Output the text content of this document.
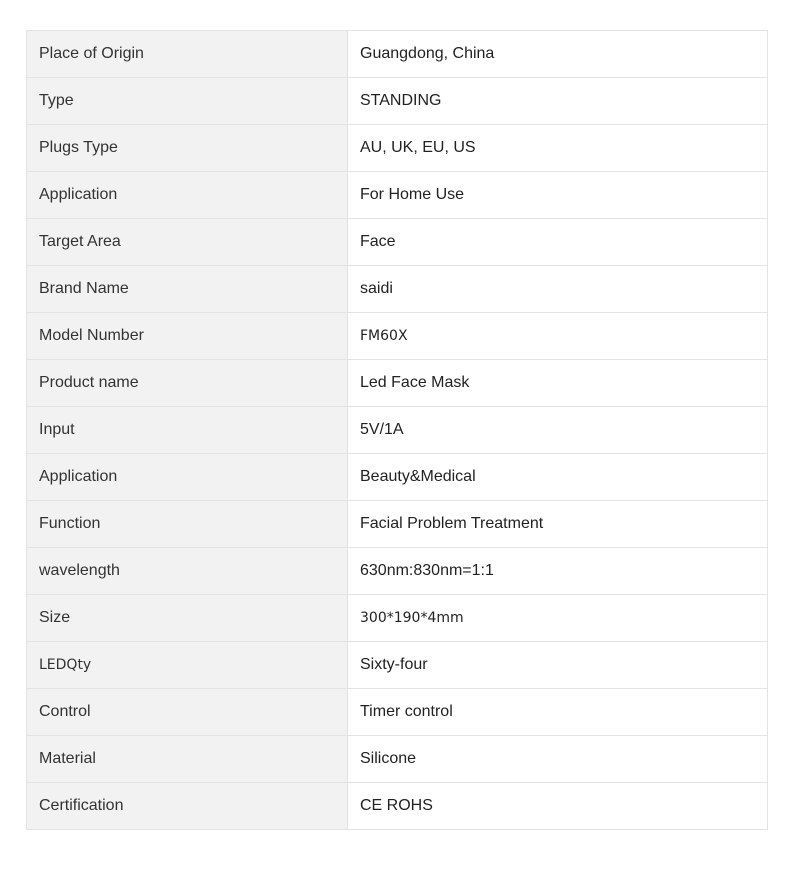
Place of Origin	Guangdong, China
Type	STANDING
Plugs Type	AU, UK, EU, US
Application	For Home Use
Target Area	Face
Brand Name	saidi
Model Number	FM60X
Product name	Led Face Mask
Input	5V/1A
Application	Beauty&Medical
Function	Facial Problem Treatment
wavelength	630nm:830nm=1:1
Size	300*190*4mm
LEDQty	Sixty-four
Control	Timer control
Material	Silicone
Certification	CE ROHS
